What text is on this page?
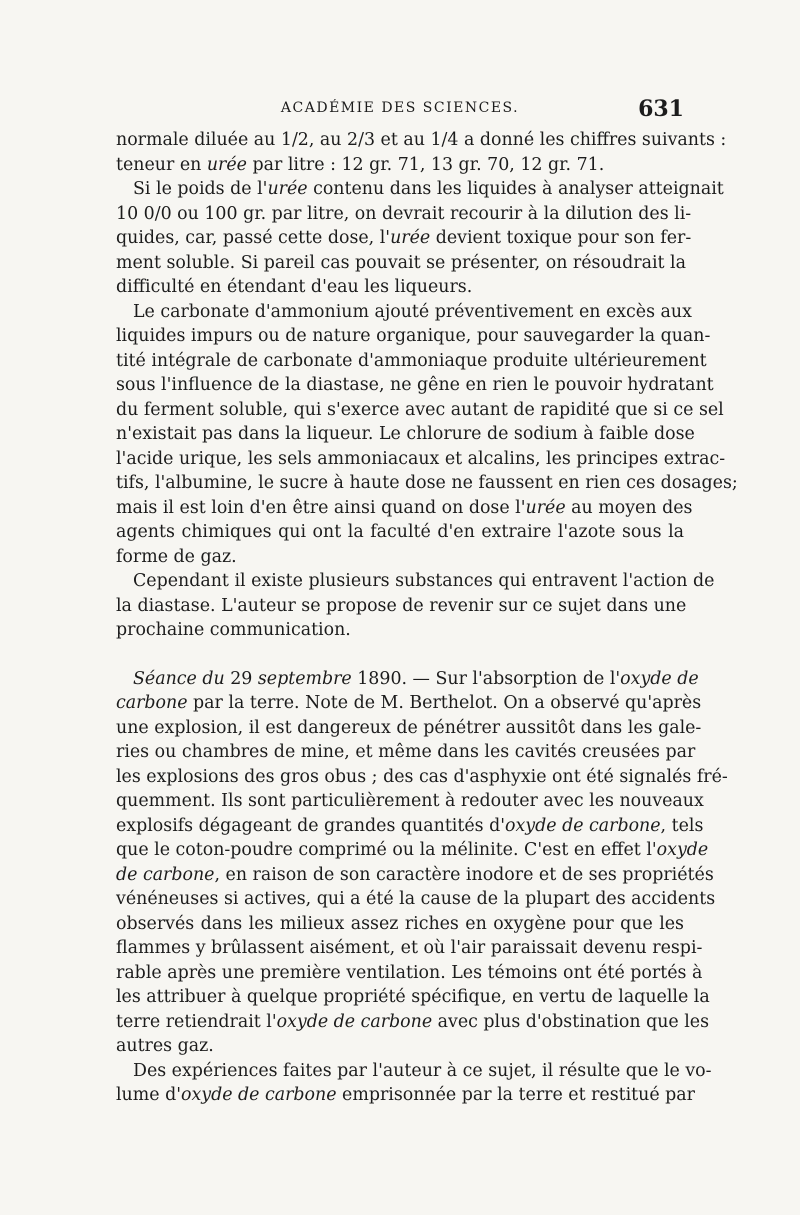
ACADÉMIE DES SCIENCES.	631
normale diluée au 1/2, au 2/3 et au 1/4 a donné les chiffres suivants :
teneur en urée par litre : 12 gr. 71, 13 gr. 70, 12 gr. 71.
Si le poids de l'urée contenu dans les liquides à analyser atteignait
10 0/0 ou 100 gr. par litre, on devrait recourir à la dilution des li-
quides, car, passé cette dose, l'urée devient toxique pour son fer-
ment soluble. Si pareil cas pouvait se présenter, on résoudrait la
difficulté en étendant d'eau les liqueurs.
Le carbonate d'ammonium ajouté préventivement en excès aux
liquides impurs ou de nature organique, pour sauvegarder la quan-
tité intégrale de carbonate d'ammoniaque produite ultérieurement
sous l'influence de la diastase, ne gêne en rien le pouvoir hydratant
du ferment soluble, qui s'exerce avec autant de rapidité que si ce sel
n'existait pas dans la liqueur. Le chlorure de sodium à faible dose
l'acide urique, les sels ammoniacaux et alcalins, les principes extrac-
tifs, l'albumine, le sucre à haute dose ne faussent en rien ces dosages;
mais il est loin d'en être ainsi quand on dose l'urée au moyen des
agents chimiques qui ont la faculté d'en extraire l'azote sous la
forme de gaz.
Cependant il existe plusieurs substances qui entravent l'action de
la diastase. L'auteur se propose de revenir sur ce sujet dans une
prochaine communication.
Séance du 29 septembre 1890. — Sur l'absorption de l'oxyde de
carbone par la terre. Note de M. Berthelot. On a observé qu'après
une explosion, il est dangereux de pénétrer aussitôt dans les gale-
ries ou chambres de mine, et même dans les cavités creusées par
les explosions des gros obus ; des cas d'asphyxie ont été signalés fré-
quemment. Ils sont particulièrement à redouter avec les nouveaux
explosifs dégageant de grandes quantités d'oxyde de carbone, tels
que le coton-poudre comprimé ou la mélinite. C'est en effet l'oxyde
de carbone, en raison de son caractère inodore et de ses propriétés
vénéneuses si actives, qui a été la cause de la plupart des accidents
observés dans les milieux assez riches en oxygène pour que les
flammes y brûlassent aisément, et où l'air paraissait devenu respi-
rable après une première ventilation. Les témoins ont été portés à
les attribuer à quelque propriété spécifique, en vertu de laquelle la
terre retiendrait l'oxyde de carbone avec plus d'obstination que les
autres gaz.
Des expériences faites par l'auteur à ce sujet, il résulte que le vo-
lume d'oxyde de carbone emprisonnée par la terre et restitué par
